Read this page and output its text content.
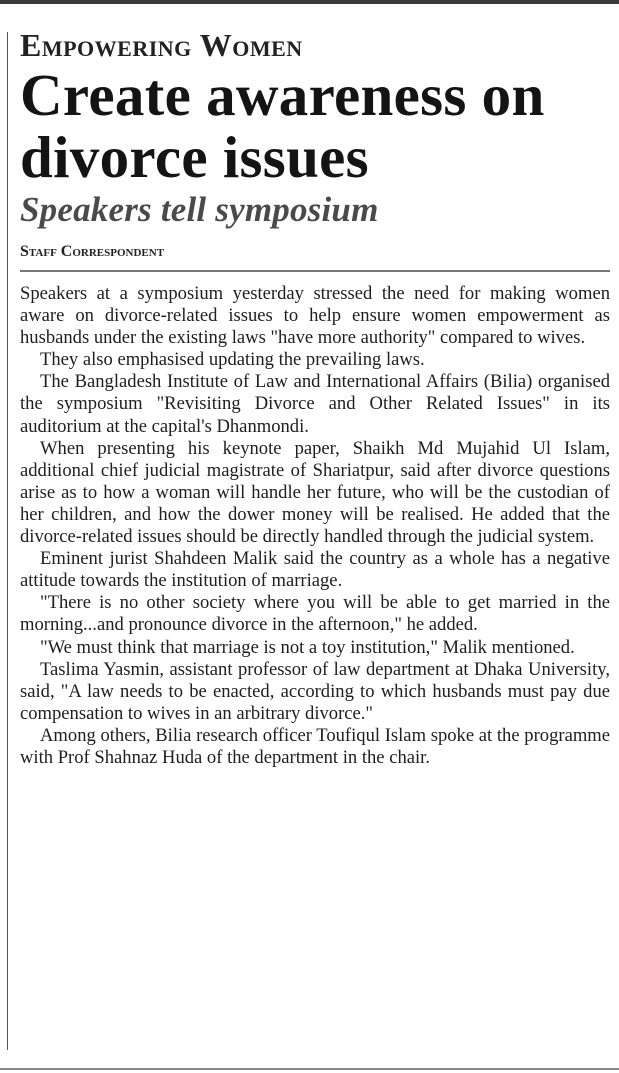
Empowering Women
Create awareness on divorce issues
Speakers tell symposium
Staff Correspondent

Speakers at a symposium yesterday stressed the need for making women aware on divorce-related issues to help ensure women empowerment as husbands under the existing laws "have more authority" compared to wives.

They also emphasised updating the prevailing laws.

The Bangladesh Institute of Law and International Affairs (Bilia) organised the symposium "Revisiting Divorce and Other Related Issues" in its auditorium at the capital's Dhanmondi.

When presenting his keynote paper, Shaikh Md Mujahid Ul Islam, additional chief judicial magistrate of Shariatpur, said after divorce questions arise as to how a woman will handle her future, who will be the custodian of her children, and how the dower money will be realised. He added that the divorce-related issues should be directly handled through the judicial system.

Eminent jurist Shahdeen Malik said the country as a whole has a negative attitude towards the institution of marriage.

"There is no other society where you will be able to get married in the morning...and pronounce divorce in the afternoon," he added.

"We must think that marriage is not a toy institution," Malik mentioned.

Taslima Yasmin, assistant professor of law department at Dhaka University, said, "A law needs to be enacted, according to which husbands must pay due compensation to wives in an arbitrary divorce."

Among others, Bilia research officer Toufiqul Islam spoke at the programme with Prof Shahnaz Huda of the department in the chair.
